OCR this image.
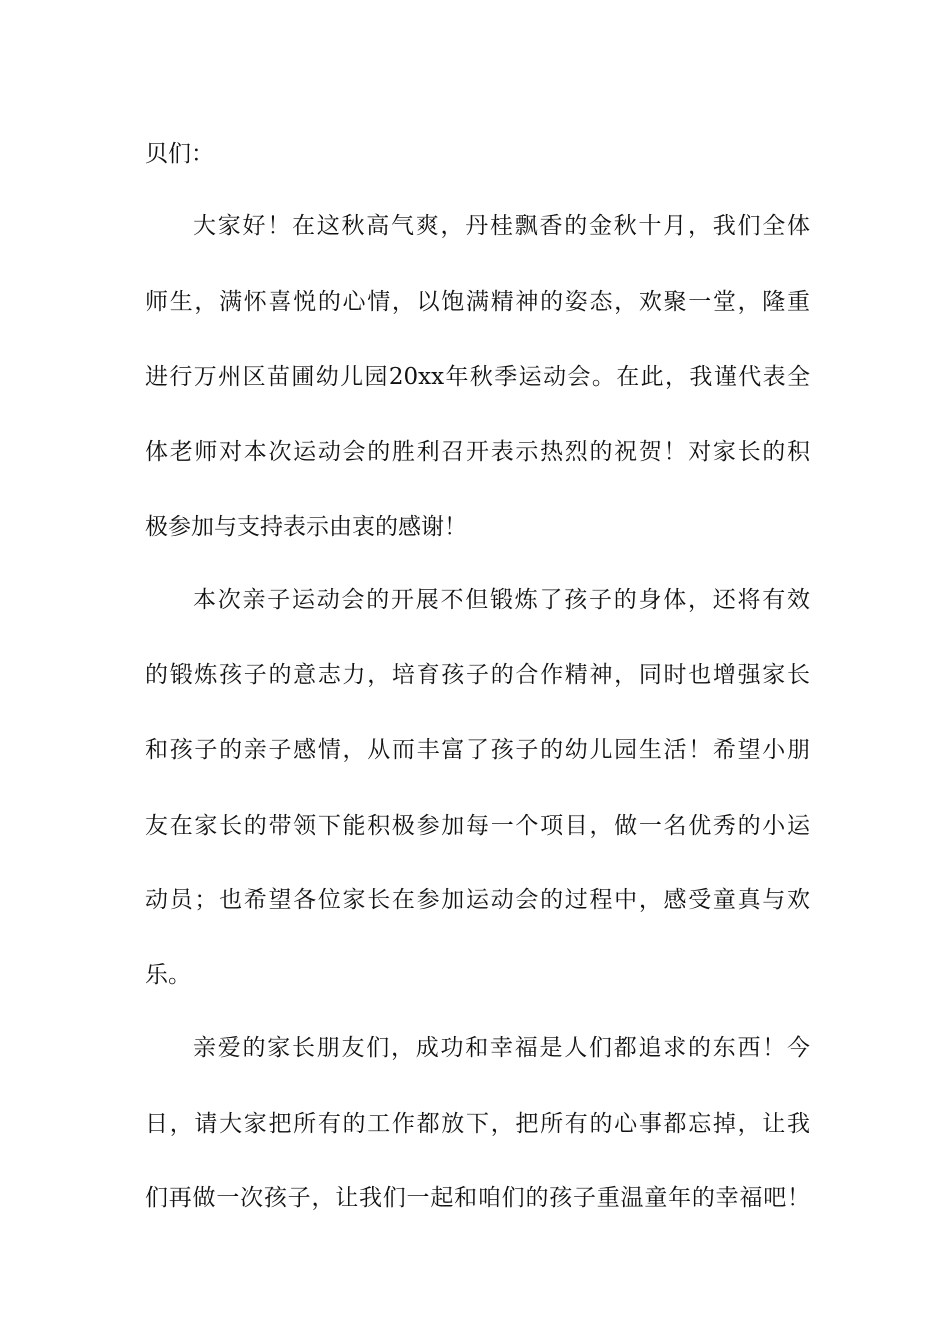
贝们：
大家好！在这秋高气爽，丹桂飘香的金秋十月，我们全体
师生，满怀喜悦的心情，以饱满精神的姿态，欢聚一堂，隆重
进行万州区苗圃幼儿园20xx年秋季运动会。在此，我谨代表全
体老师对本次运动会的胜利召开表示热烈的祝贺！对家长的积
极参加与支持表示由衷的感谢！
本次亲子运动会的开展不但锻炼了孩子的身体，还将有效
的锻炼孩子的意志力，培育孩子的合作精神，同时也增强家长
和孩子的亲子感情，从而丰富了孩子的幼儿园生活！希望小朋
友在家长的带领下能积极参加每一个项目，做一名优秀的小运
动员；也希望各位家长在参加运动会的过程中，感受童真与欢
乐。
亲爱的家长朋友们，成功和幸福是人们都追求的东西！今
日，请大家把所有的工作都放下，把所有的心事都忘掉，让我
们再做一次孩子，让我们一起和咱们的孩子重温童年的幸福吧！
